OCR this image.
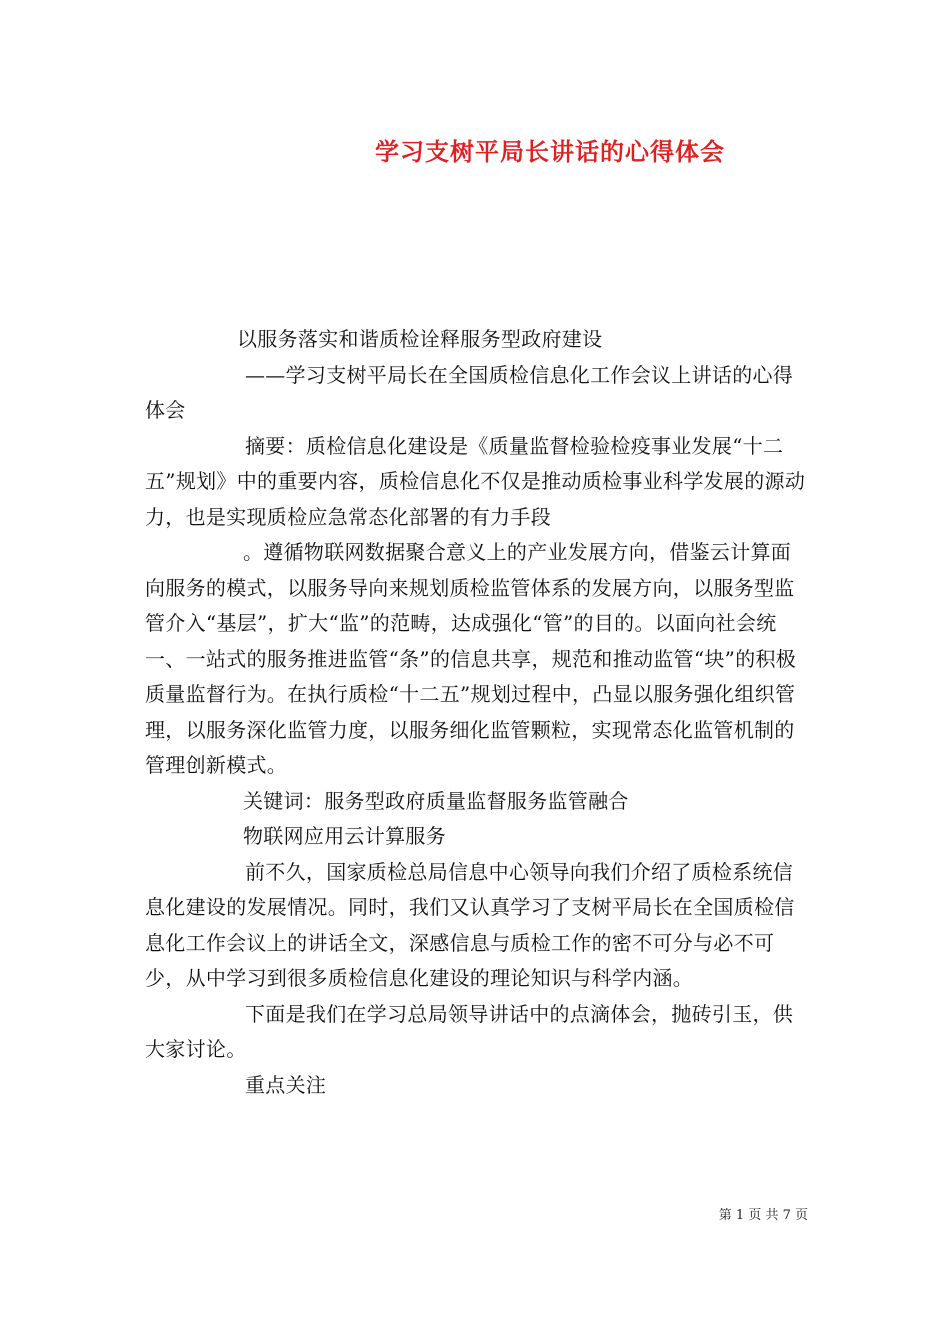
学习支树平局长讲话的心得体会

以服务落实和谐质检诠释服务型政府建设

——学习支树平局长在全国质检信息化工作会议上讲话的心得体会

摘要：质检信息化建设是《质量监督检验检疫事业发展“十二五”规划》中的重要内容，质检信息化不仅是推动质检事业科学发展的源动力，也是实现质检应急常态化部署的有力手段

。遵循物联网数据聚合意义上的产业发展方向，借鉴云计算面向服务的模式，以服务导向来规划质检监管体系的发展方向，以服务型监管介入“基层”，扩大“监”的范畴，达成强化“管”的目的。以面向社会统一、一站式的服务推进监管“条”的信息共享，规范和推动监管“块”的积极质量监督行为。在执行质检“十二五”规划过程中，凸显以服务强化组织管理，以服务深化监管力度，以服务细化监管颗粒，实现常态化监管机制的管理创新模式。

关键词：服务型政府质量监督服务监管融合

物联网应用云计算服务

前不久，国家质检总局信息中心领导向我们介绍了质检系统信息化建设的发展情况。同时，我们又认真学习了支树平局长在全国质检信息化工作会议上的讲话全文，深感信息与质检工作的密不可分与必不可少，从中学习到很多质检信息化建设的理论知识与科学内涵。

下面是我们在学习总局领导讲话中的点滴体会，抛砖引玉，供大家讨论。

重点关注

第 1 页 共 7 页
